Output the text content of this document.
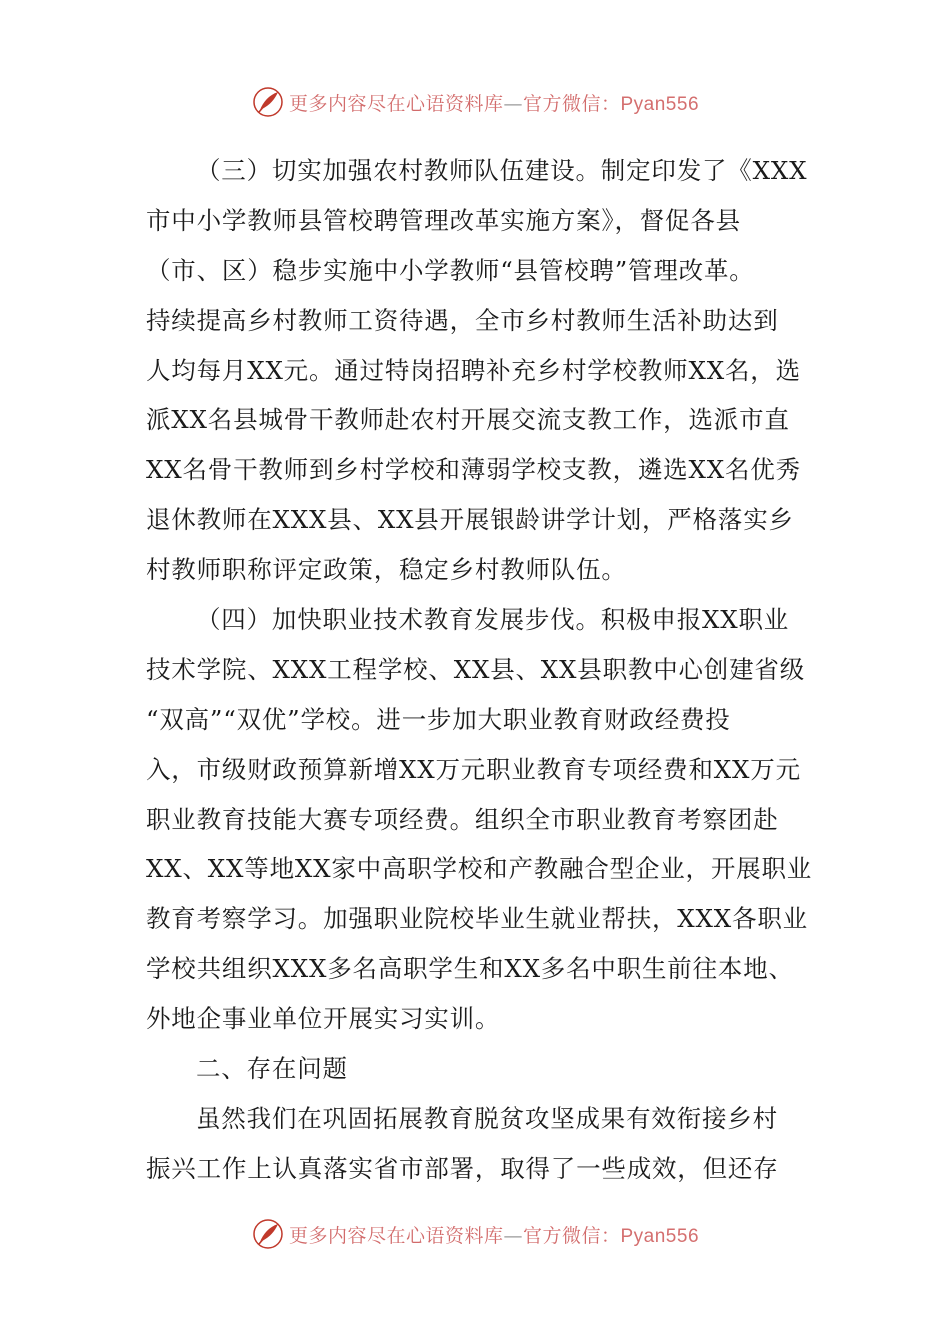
更多内容尽在心语资料库—官方微信：Pyan556
（三）切实加强农村教师队伍建设。制定印发了《XXX
市中小学教师县管校聘管理改革实施方案》，督促各县
（市、区）稳步实施中小学教师“县管校聘”管理改革。
持续提高乡村教师工资待遇，全市乡村教师生活补助达到
人均每月XX元。通过特岗招聘补充乡村学校教师XX名，选
派XX名县城骨干教师赴农村开展交流支教工作，选派市直
XX名骨干教师到乡村学校和薄弱学校支教，遴选XX名优秀
退休教师在XXX县、XX县开展银龄讲学计划，严格落实乡
村教师职称评定政策，稳定乡村教师队伍。
（四）加快职业技术教育发展步伐。积极申报XX职业
技术学院、XXX工程学校、XX县、XX县职教中心创建省级
“双高”“双优”学校。进一步加大职业教育财政经费投
入，市级财政预算新增XX万元职业教育专项经费和XX万元
职业教育技能大赛专项经费。组织全市职业教育考察团赴
XX、XX等地XX家中高职学校和产教融合型企业，开展职业
教育考察学习。加强职业院校毕业生就业帮扶，XXX各职业
学校共组织XXX多名高职学生和XX多名中职生前往本地、
外地企事业单位开展实习实训。
二、存在问题
虽然我们在巩固拓展教育脱贫攻坚成果有效衔接乡村
振兴工作上认真落实省市部署，取得了一些成效，但还存
更多内容尽在心语资料库—官方微信：Pyan556
